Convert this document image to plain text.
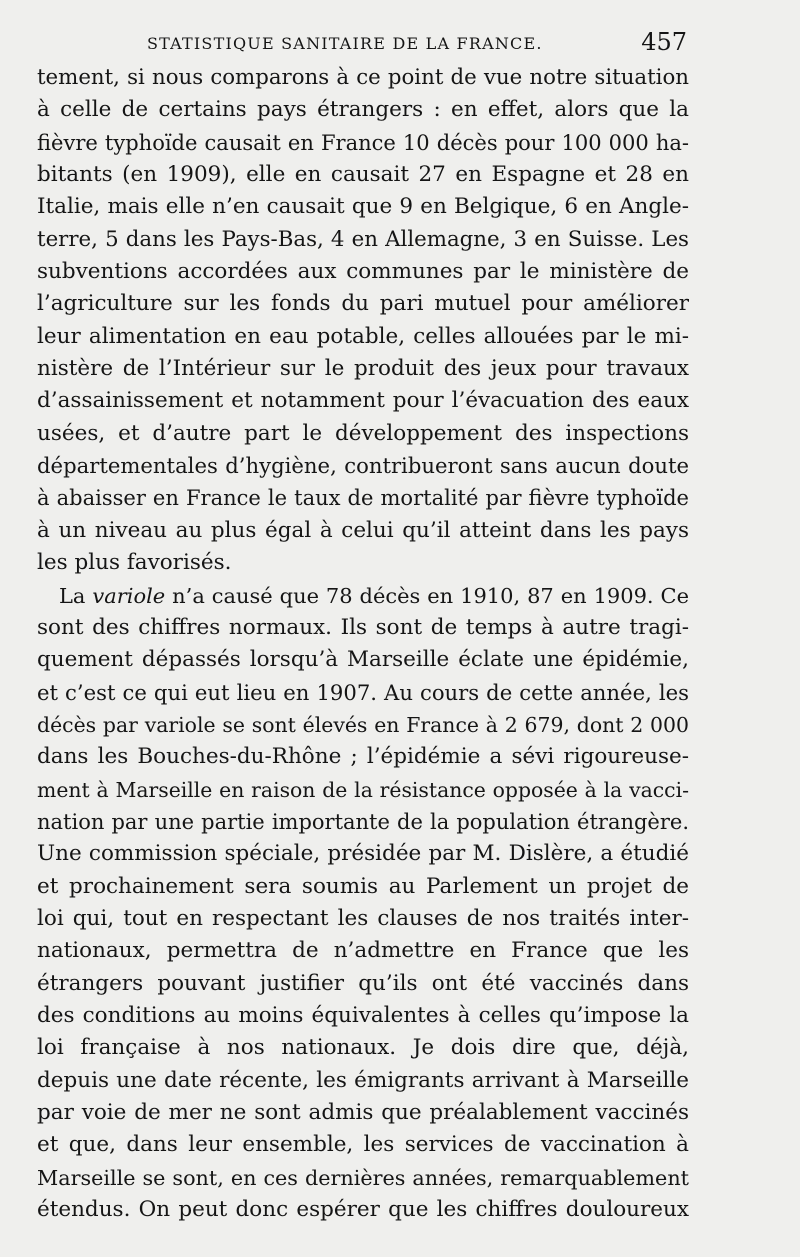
STATISTIQUE SANITAIRE DE LA FRANCE.	457
tement, si nous comparons à ce point de vue notre situation
à celle de certains pays étrangers : en effet, alors que la
fièvre typhoïde causait en France 10 décès pour 100 000 ha-
bitants (en 1909), elle en causait 27 en Espagne et 28 en
Italie, mais elle n’en causait que 9 en Belgique, 6 en Angle-
terre, 5 dans les Pays-Bas, 4 en Allemagne, 3 en Suisse. Les
subventions accordées aux communes par le ministère de
l’agriculture sur les fonds du pari mutuel pour améliorer
leur alimentation en eau potable, celles allouées par le mi-
nistère de l’Intérieur sur le produit des jeux pour travaux
d’assainissement et notamment pour l’évacuation des eaux
usées, et d’autre part le développement des inspections
départementales d’hygiène, contribueront sans aucun doute
à abaisser en France le taux de mortalité par fièvre typhoïde
à un niveau au plus égal à celui qu’il atteint dans les pays
les plus favorisés.
La variole n’a causé que 78 décès en 1910, 87 en 1909. Ce
sont des chiffres normaux. Ils sont de temps à autre tragi-
quement dépassés lorsqu’à Marseille éclate une épidémie,
et c’est ce qui eut lieu en 1907. Au cours de cette année, les
décès par variole se sont élevés en France à 2 679, dont 2 000
dans les Bouches-du-Rhône ; l’épidémie a sévi rigoureuse-
ment à Marseille en raison de la résistance opposée à la vacci-
nation par une partie importante de la population étrangère.
Une commission spéciale, présidée par M. Dislère, a étudié
et prochainement sera soumis au Parlement un projet de
loi qui, tout en respectant les clauses de nos traités inter-
nationaux, permettra de n’admettre en France que les
étrangers pouvant justifier qu’ils ont été vaccinés dans
des conditions au moins équivalentes à celles qu’impose la
loi française à nos nationaux. Je dois dire que, déjà,
depuis une date récente, les émigrants arrivant à Marseille
par voie de mer ne sont admis que préalablement vaccinés
et que, dans leur ensemble, les services de vaccination à
Marseille se sont, en ces dernières années, remarquablement
étendus. On peut donc espérer que les chiffres douloureux
